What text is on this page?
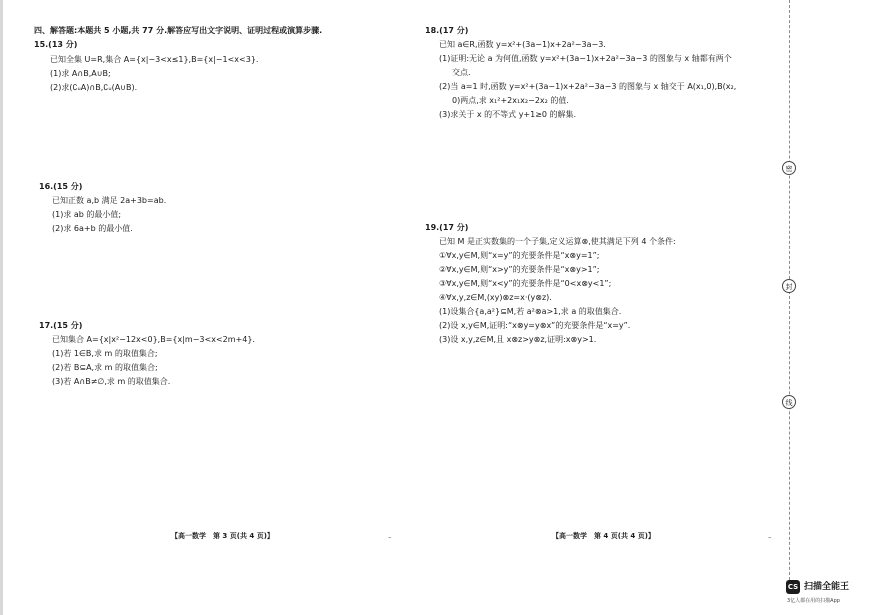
四、解答题:本题共 5 小题,共 77 分.解答应写出文字说明、证明过程或演算步骤.
15.(13 分)
已知全集 U=R,集合 A={x|−3<x≤1},B={x|−1<x<3}.
(1)求 A∩B,A∪B;
(2)求(∁ᵤA)∩B,∁ᵤ(A∪B).
16.(15 分)
已知正数 a,b 满足 2a+3b=ab.
(1)求 ab 的最小值;
(2)求 6a+b 的最小值.
17.(15 分)
已知集合 A={x|x²−12x<0},B={x|m−3<x<2m+4}.
(1)若 1∈B,求 m 的取值集合;
(2)若 B⊆A,求 m 的取值集合;
(3)若 A∩B≠∅,求 m 的取值集合.
【高一数学　第 3 页(共 4 页)】	–
18.(17 分)
已知 a∈R,函数 y=x²+(3a−1)x+2a²−3a−3.
(1)证明:无论 a 为何值,函数 y=x²+(3a−1)x+2a²−3a−3 的图象与 x 轴都有两个
交点.
(2)当 a=1 时,函数 y=x²+(3a−1)x+2a²−3a−3 的图象与 x 轴交于 A(x₁,0),B(x₂,
0)两点,求 x₁²+2x₁x₂−2x₂ 的值.
(3)求关于 x 的不等式 y+1≥0 的解集.
19.(17 分)
已知 M 是正实数集的一个子集,定义运算⊗,使其满足下列 4 个条件:
①∀x,y∈M,则“x=y”的充要条件是“x⊗y=1”;
②∀x,y∈M,则“x>y”的充要条件是“x⊗y>1”;
③∀x,y∈M,则“x<y”的充要条件是“0<x⊗y<1”;
④∀x,y,z∈M,(xy)⊗z=x·(y⊗z).
(1)设集合{a,a²}⊆M,若 a²⊗a>1,求 a 的取值集合.
(2)设 x,y∈M,证明:“x⊗y=y⊗x”的充要条件是“x=y”.
(3)设 x,y,z∈M,且 x⊗z>y⊗z,证明:x⊗y>1.
【高一数学　第 4 页(共 4 页)】	–
密
封
线
CS 扫描全能王
3亿人都在用的扫描App
